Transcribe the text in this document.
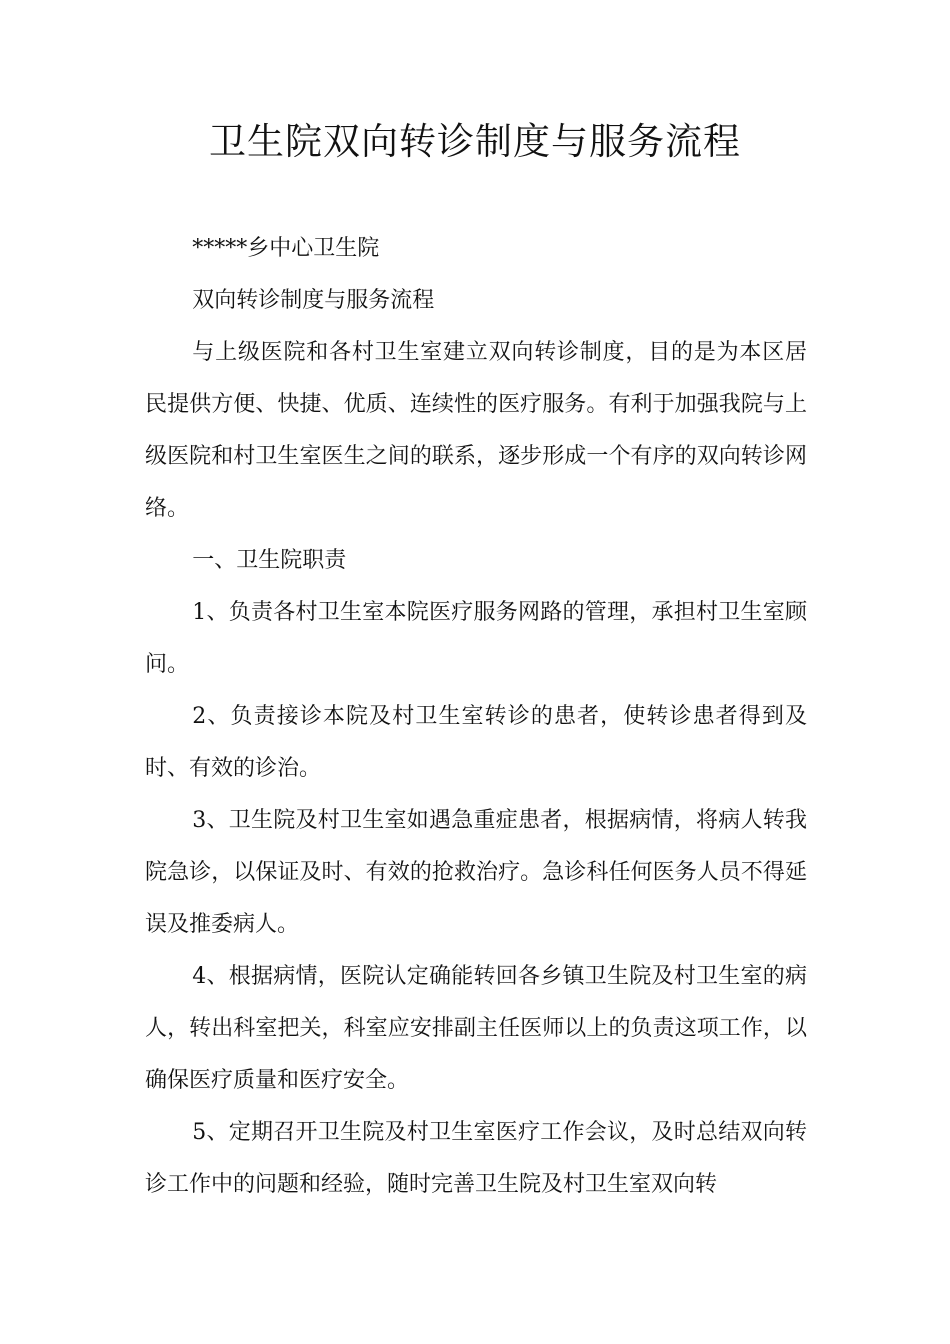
卫生院双向转诊制度与服务流程

*****乡中心卫生院

双向转诊制度与服务流程

与上级医院和各村卫生室建立双向转诊制度，目的是为本区居民提供方便、快捷、优质、连续性的医疗服务。有利于加强我院与上级医院和村卫生室医生之间的联系，逐步形成一个有序的双向转诊网络。

一、卫生院职责

1、负责各村卫生室本院医疗服务网路的管理，承担村卫生室顾问。

2、负责接诊本院及村卫生室转诊的患者，使转诊患者得到及时、有效的诊治。

3、卫生院及村卫生室如遇急重症患者，根据病情，将病人转我院急诊，以保证及时、有效的抢救治疗。急诊科任何医务人员不得延误及推委病人。

4、根据病情，医院认定确能转回各乡镇卫生院及村卫生室的病人，转出科室把关，科室应安排副主任医师以上的负责这项工作，以确保医疗质量和医疗安全。

5、定期召开卫生院及村卫生室医疗工作会议，及时总结双向转诊工作中的问题和经验，随时完善卫生院及村卫生室双向转
